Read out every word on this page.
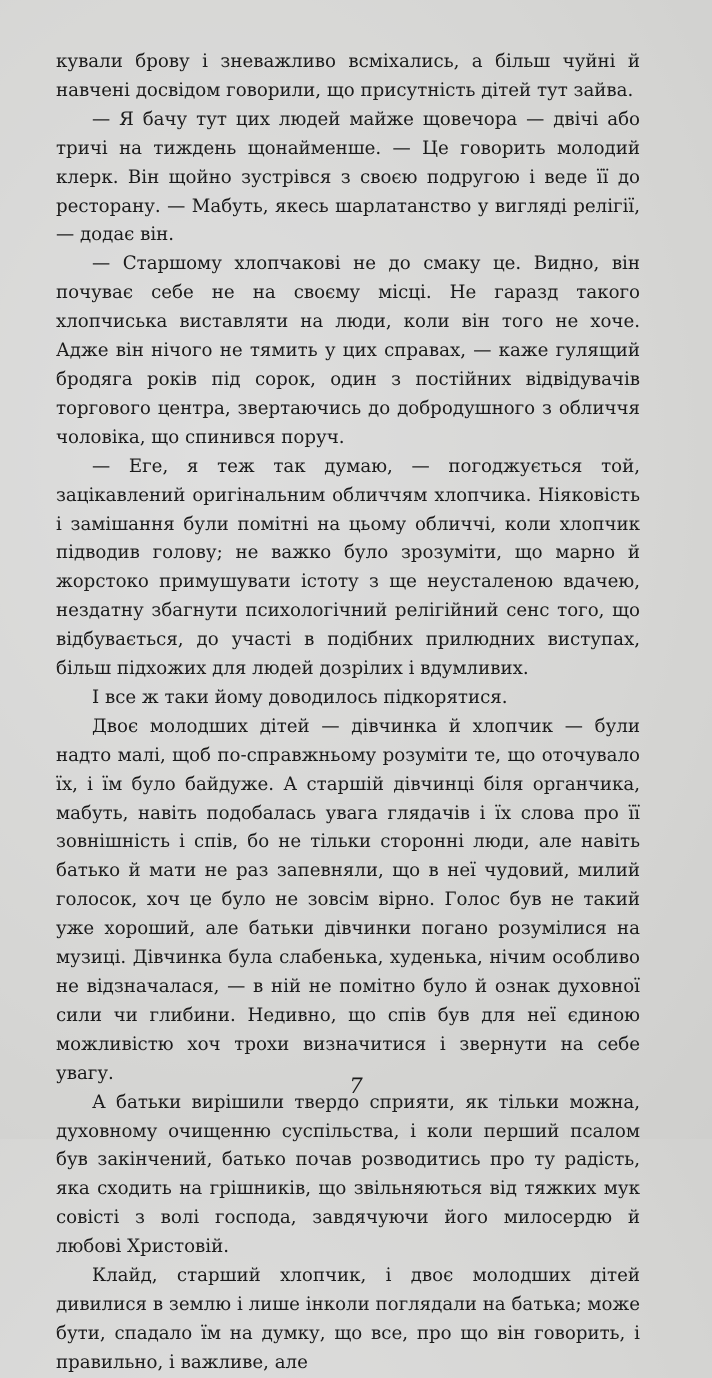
кували брову і зневажливо всміхались, а більш чуйні й навчені досвідом говорили, що присутність дітей тут зайва.

— Я бачу тут цих людей майже щовечора — двічі або тричі на тиждень щонайменше. — Це говорить молодий клерк. Він щойно зустрівся з своєю подругою і веде її до ресторану. — Мабуть, якесь шарлатанство у вигляді релігії, — додає він.

— Старшому хлопчакові не до смаку це. Видно, він почуває себе не на своєму місці. Не гаразд такого хлопчиська виставляти на люди, коли він того не хоче. Адже він нічого не тямить у цих справах, — каже гулящий бродяга років під сорок, один з постійних відвідувачів торгового центра, звертаючись до добродушного з обличчя чоловіка, що спинився поруч.

— Еге, я теж так думаю, — погоджується той, зацікавлений оригінальним обличчям хлопчика. Ніяковість і замішання були помітні на цьому обличчі, коли хлопчик підводив голову; не важко було зрозуміти, що марно й жорстоко примушувати істоту з ще неусталеною вдачею, нездатну збагнути психологічний релігійний сенс того, що відбувається, до участі в подібних прилюдних виступах, більш підхожих для людей дозрілих і вдумливих.

І все ж таки йому доводилось підкорятися.

Двоє молодших дітей — дівчинка й хлопчик — були надто малі, щоб по-справжньому розуміти те, що оточувало їх, і їм було байдуже. А старшій дівчинці біля органчика, мабуть, навіть подобалась увага глядачів і їх слова про її зовнішність і спів, бо не тільки сторонні люди, але навіть батько й мати не раз запевняли, що в неї чудовий, милий голосок, хоч це було не зовсім вірно. Голос був не такий уже хороший, але батьки дівчинки погано розумілися на музиці. Дівчинка була слабенька, худенька, нічим особливо не відзначалася, — в ній не помітно було й ознак духовної сили чи глибини. Недивно, що спів був для неї єдиною можливістю хоч трохи визначитися і звернути на себе увагу.

А батьки вирішили твердо сприяти, як тільки можна, духовному очищенню суспільства, і коли перший псалом був закінчений, батько почав розводитись про ту радість, яка сходить на грішників, що звільняються від тяжких мук совісті з волі господа, завдячуючи його милосердю й любові Христовій.

Клайд, старший хлопчик, і двоє молодших дітей дивилися в землю і лише інколи поглядали на батька; може бути, спадало їм на думку, що все, про що він говорить, і правильно, і важливе, але

7
